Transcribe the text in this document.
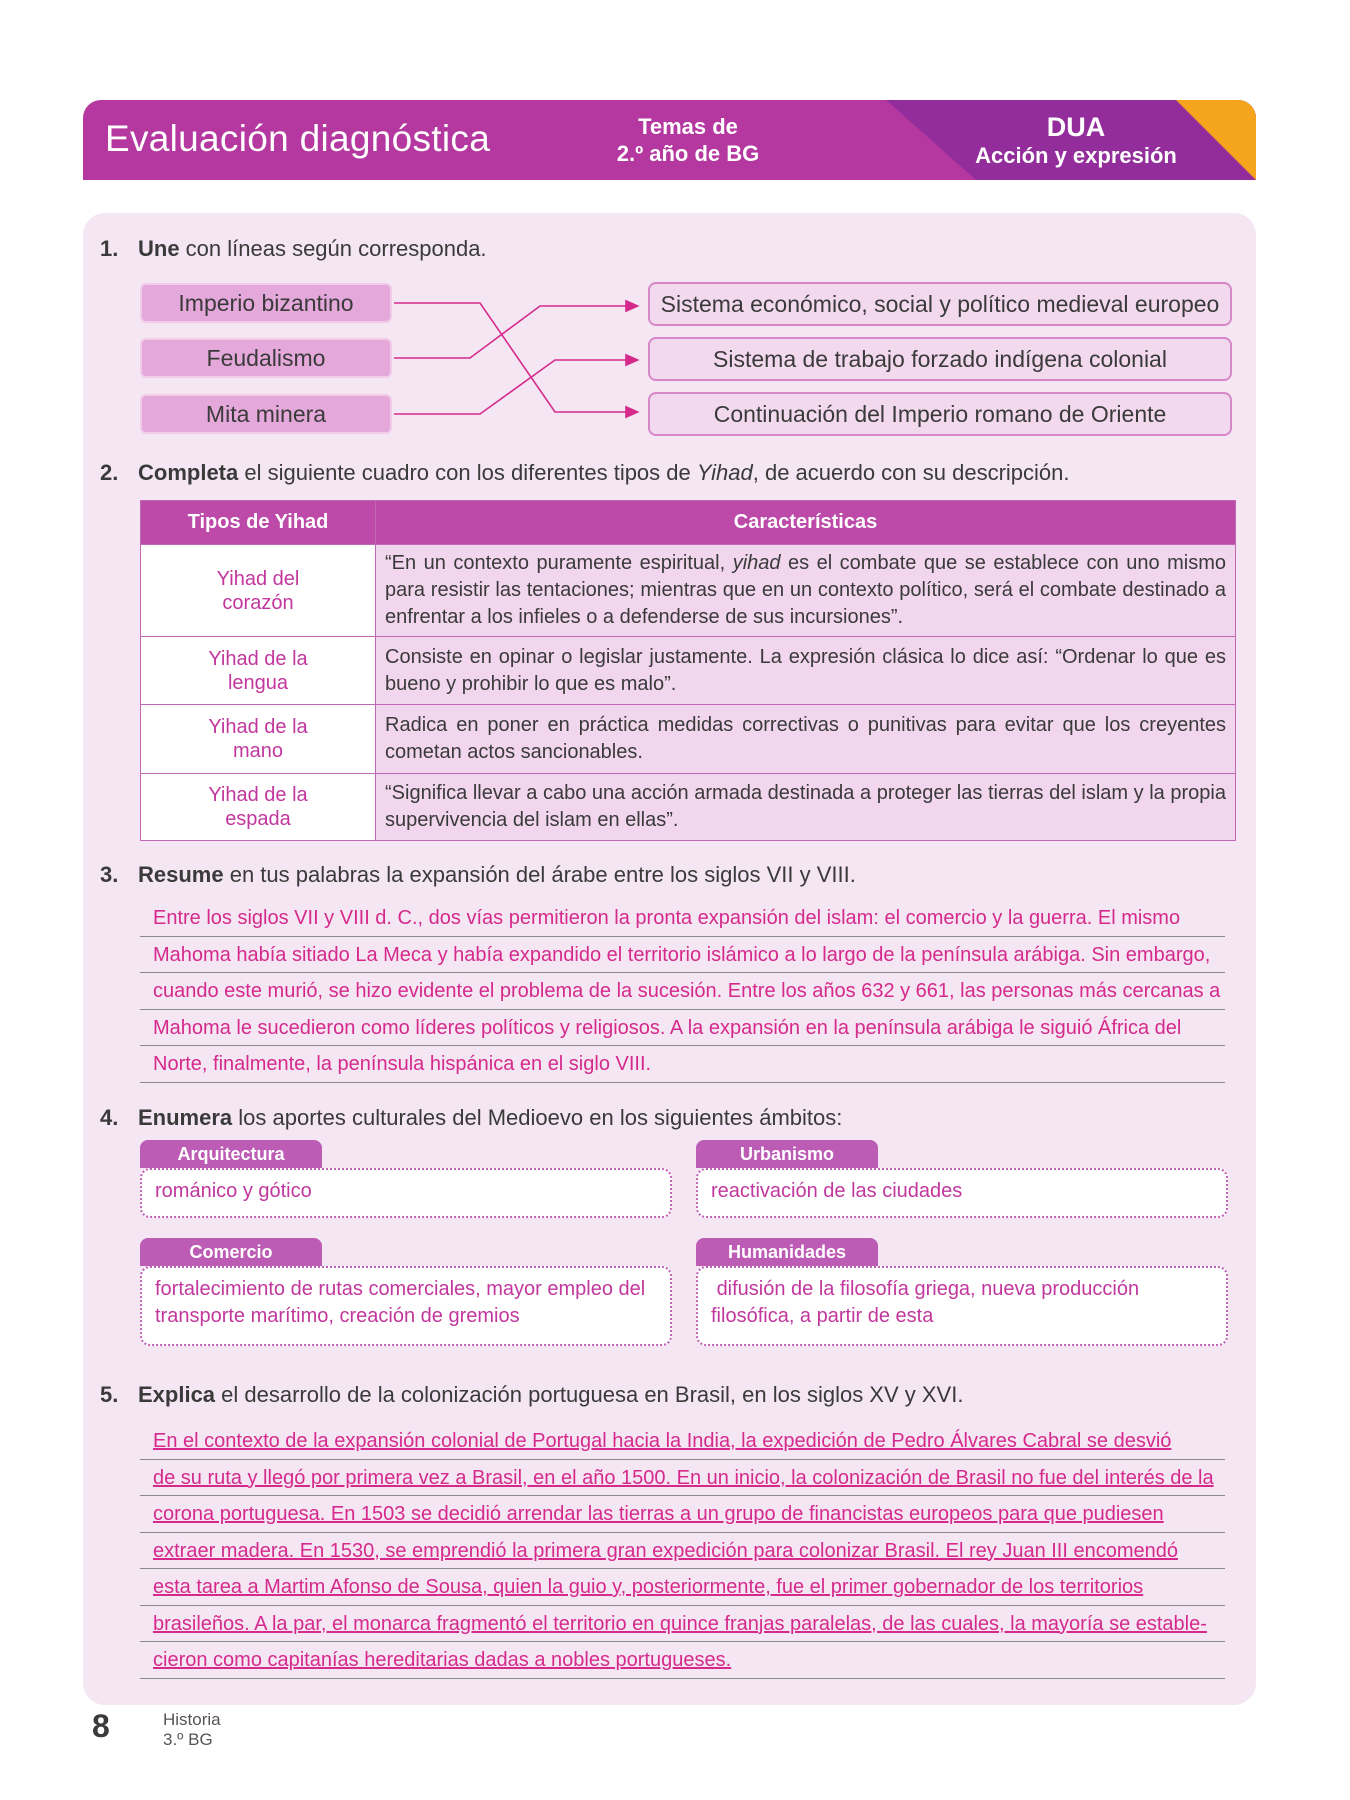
Evaluación diagnóstica	Temas de
2.º año de BG
DUA
Acción y expresión
1. Une con líneas según corresponda.
Imperio bizantino
Feudalismo
Mita minera
Sistema económico, social y político medieval europeo
Sistema de trabajo forzado indígena colonial
Continuación del Imperio romano de Oriente
2. Completa el siguiente cuadro con los diferentes tipos de Yihad, de acuerdo con su descripción.
Tipos de Yihad	Características

Yihad del
corazón	“En un contexto puramente espiritual, yihad es el combate que se establece con uno mismo para resistir las tentaciones; mientras que en un contexto político, será el combate destinado a enfrentar a los infieles o a defenderse de sus incursiones”.

Yihad de la
lengua	Consiste en opinar o legislar justamente. La expresión clásica lo dice así: “Ordenar lo que es bueno y prohibir lo que es malo”.

Yihad de la
mano	Radica en poner en práctica medidas correctivas o punitivas para evitar que los creyentes cometan actos sancionables.

Yihad de la
espada	“Significa llevar a cabo una acción armada destinada a proteger las tierras del islam y la propia supervivencia del islam en ellas”.
3. Resume en tus palabras la expansión del árabe entre los siglos VII y VIII.
Entre los siglos VII y VIII d. C., dos vías permitieron la pronta expansión del islam: el comercio y la guerra. El mismo
Mahoma había sitiado La Meca y había expandido el territorio islámico a lo largo de la península arábiga. Sin embargo,
cuando este murió, se hizo evidente el problema de la sucesión. Entre los años 632 y 661, las personas más cercanas a
Mahoma le sucedieron como líderes políticos y religiosos. A la expansión en la península arábiga le siguió África del
Norte, finalmente, la península hispánica en el siglo VIII.
4. Enumera los aportes culturales del Medioevo en los siguientes ámbitos:
Arquitectura
románico y gótico
Urbanismo
reactivación de las ciudades
Comercio
fortalecimiento de rutas comerciales, mayor empleo del transporte marítimo, creación de gremios
Humanidades
difusión de la filosofía griega, nueva producción filosófica, a partir de esta
5. Explica el desarrollo de la colonización portuguesa en Brasil, en los siglos XV y XVI.
En el contexto de la expansión colonial de Portugal hacia la India, la expedición de Pedro Álvares Cabral se desvió
de su ruta y llegó por primera vez a Brasil, en el año 1500. En un inicio, la colonización de Brasil no fue del interés de la
corona portuguesa. En 1503 se decidió arrendar las tierras a un grupo de financistas europeos para que pudiesen
extraer madera. En 1530, se emprendió la primera gran expedición para colonizar Brasil. El rey Juan III encomendó
esta tarea a Martim Afonso de Sousa, quien la guio y, posteriormente, fue el primer gobernador de los territorios
brasileños. A la par, el monarca fragmentó el territorio en quince franjas paralelas, de las cuales, la mayoría se estable-
cieron como capitanías hereditarias dadas a nobles portugueses.
8	Historia
3.º BG
